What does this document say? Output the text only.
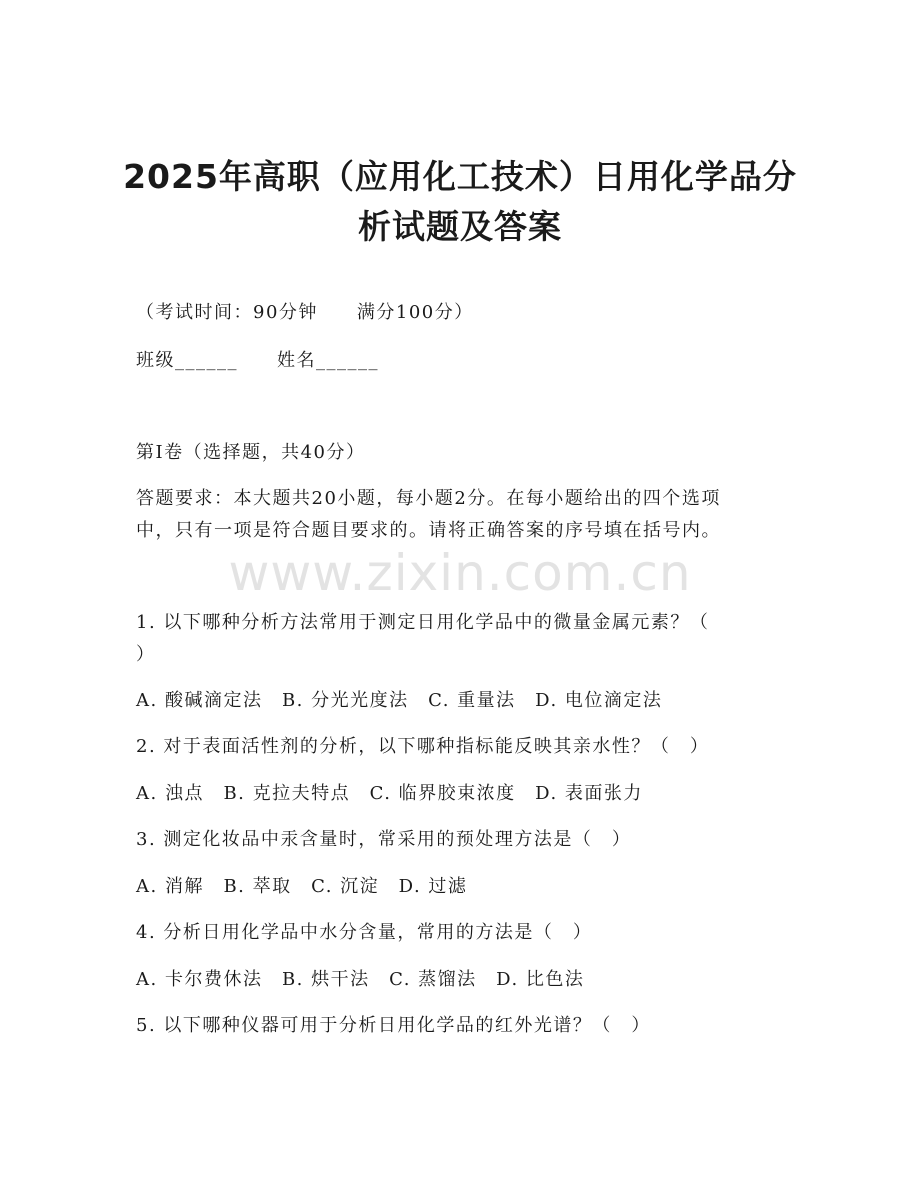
2025年高职（应用化工技术）日用化学品分
析试题及答案
（考试时间：90分钟　　满分100分）
班级______　　姓名______
第I卷（选择题，共40分）
答题要求：本大题共20小题，每小题2分。在每小题给出的四个选项
中，只有一项是符合题目要求的。请将正确答案的序号填在括号内。
www.zixin.com.cn
1. 以下哪种分析方法常用于测定日用化学品中的微量金属元素？（
）
A. 酸碱滴定法　B. 分光光度法　C. 重量法　D. 电位滴定法
2. 对于表面活性剂的分析，以下哪种指标能反映其亲水性？（　）
A. 浊点　B. 克拉夫特点　C. 临界胶束浓度　D. 表面张力
3. 测定化妆品中汞含量时，常采用的预处理方法是（　）
A. 消解　B. 萃取　C. 沉淀　D. 过滤
4. 分析日用化学品中水分含量，常用的方法是（　）
A. 卡尔费休法　B. 烘干法　C. 蒸馏法　D. 比色法
5. 以下哪种仪器可用于分析日用化学品的红外光谱？（　）
